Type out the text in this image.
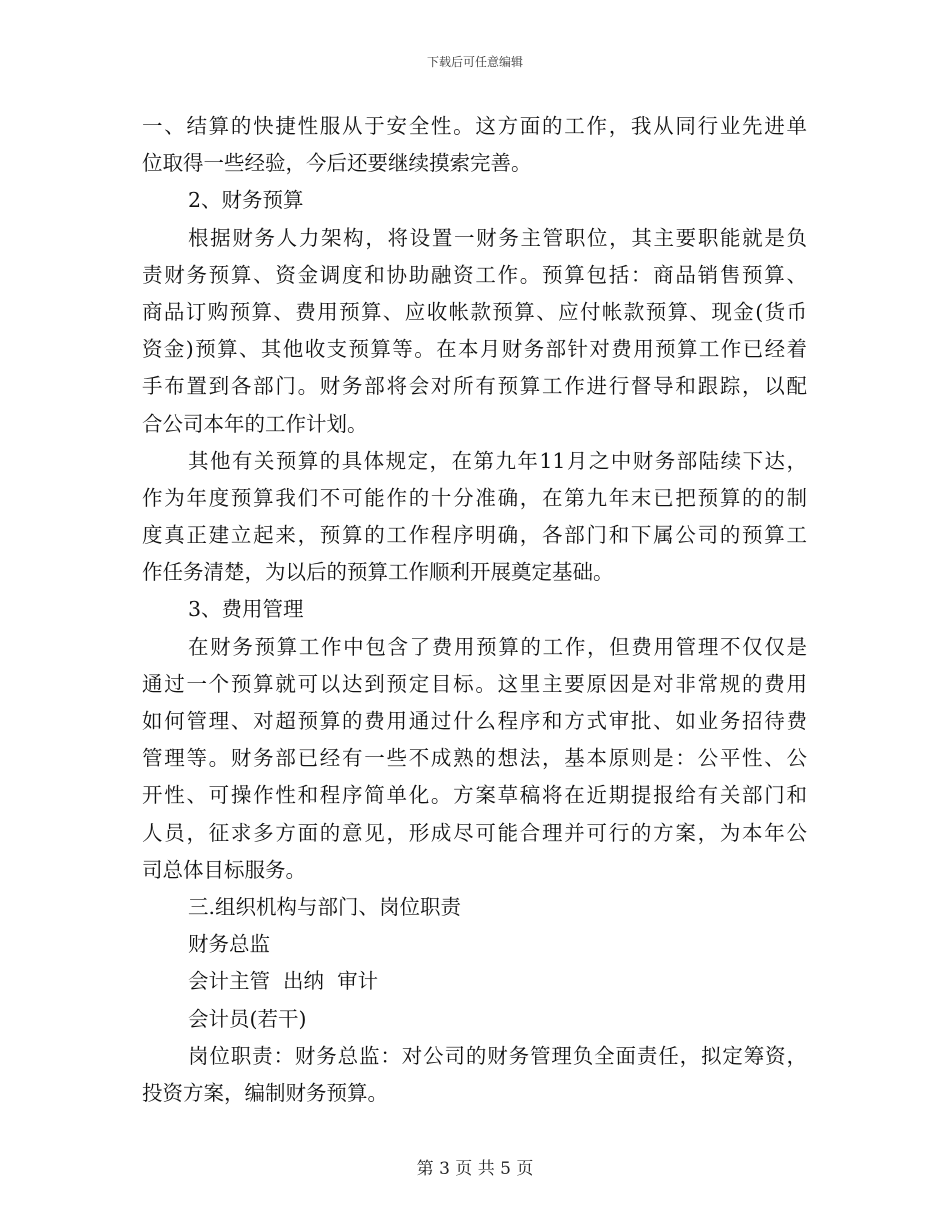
下载后可任意编辑
一、结算的快捷性服从于安全性。这方面的工作，我从同行业先进单
位取得一些经验，今后还要继续摸索完善。
2、财务预算
根据财务人力架构，将设置一财务主管职位，其主要职能就是负
责财务预算、资金调度和协助融资工作。预算包括：商品销售预算、
商品订购预算、费用预算、应收帐款预算、应付帐款预算、现金(货币
资金)预算、其他收支预算等。在本月财务部针对费用预算工作已经着
手布置到各部门。财务部将会对所有预算工作进行督导和跟踪，以配
合公司本年的工作计划。
其他有关预算的具体规定，在第九年11月之中财务部陆续下达，
作为年度预算我们不可能作的十分准确，在第九年末已把预算的的制
度真正建立起来，预算的工作程序明确，各部门和下属公司的预算工
作任务清楚，为以后的预算工作顺利开展奠定基础。
3、费用管理
在财务预算工作中包含了费用预算的工作，但费用管理不仅仅是
通过一个预算就可以达到预定目标。这里主要原因是对非常规的费用
如何管理、对超预算的费用通过什么程序和方式审批、如业务招待费
管理等。财务部已经有一些不成熟的想法，基本原则是：公平性、公
开性、可操作性和程序简单化。方案草稿将在近期提报给有关部门和
人员，征求多方面的意见，形成尽可能合理并可行的方案，为本年公
司总体目标服务。
三.组织机构与部门、岗位职责
财务总监
会计主管  出纳  审计
会计员(若干)
岗位职责：财务总监：对公司的财务管理负全面责任，拟定筹资，
投资方案，编制财务预算。
第 3 页 共 5 页
